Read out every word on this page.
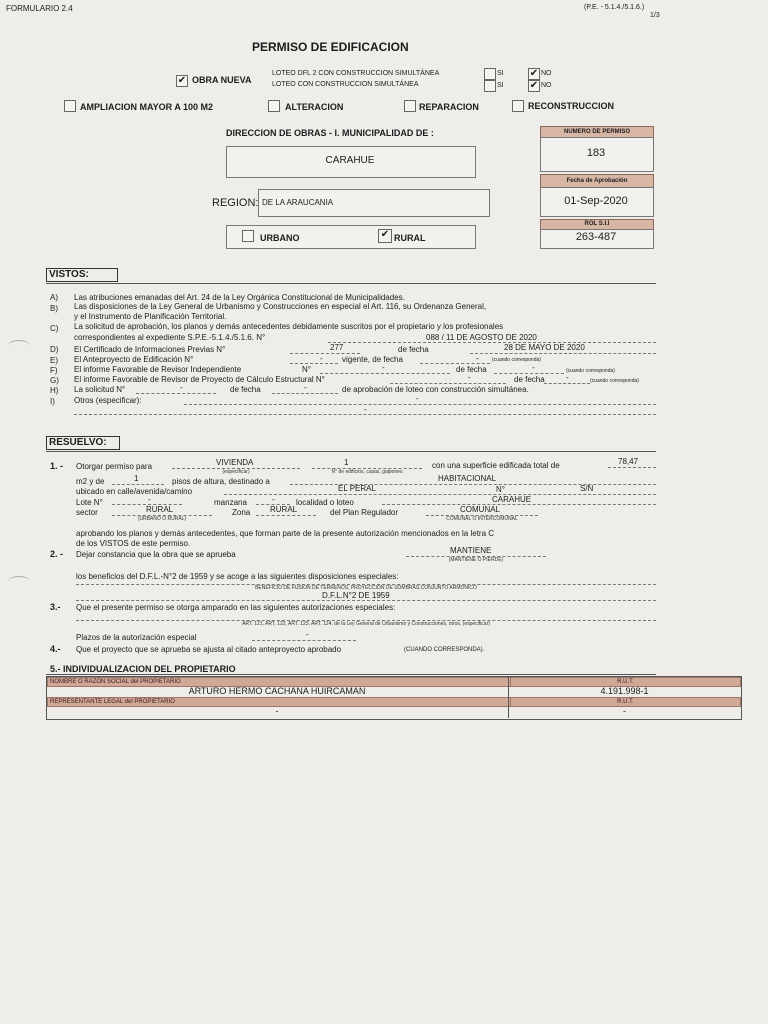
FORMULARIO 2.4	(P.E. - 5.1.4./5.1.6.)
1/3
PERMISO DE EDIFICACION
✔ OBRA NUEVA
LOTEO DFL 2 CON CONSTRUCCION SIMULTÁNEA
LOTEO CON CONSTRUCCION SIMULTÁNEA
SI	✔ NO
SI	✔ NO
AMPLIACION MAYOR A 100 M2	ALTERACION	REPARACION	RECONSTRUCCION
DIRECCION DE OBRAS - I. MUNICIPALIDAD DE :
CARAHUE
REGION: DE LA ARAUCANIA
URBANO	✔ RURAL
NUMERO DE PERMISO
183
Fecha de Aprobación
01-Sep-2020
ROL S.I.I
263-487
VISTOS:
A) Las atribuciones emanadas del Art. 24 de la Ley Orgánica Constitucional de Municipalidades.
B) Las disposiciones de la Ley General de Urbanismo y Construcciones en especial el Art. 116, su Ordenanza General,
y el Instrumento de Planificación Territorial.
C) La solicitud de aprobación, los planos y demás antecedentes debidamente suscritos por el propietario y los profesionales
correspondientes al expediente S.P.E.-5.1.4./5.1.6. N°	088 / 11 DE AGOSTO DE 2020
D) El Certificado de Informaciones Previas N°	277	de fecha	28 DE MAYO DE 2020
E) El Anteproyecto de Edificación N°	- vigente, de fecha	-	(cuando corresponda)
F) El informe Favorable de Revisor Independiente	N°	-	de fecha	-	(cuando corresponda)
G) El informe Favorable de Revisor de Proyecto de Cálculo Estructural N°	-	de fecha	-	(cuando corresponda)
H) La solicitud N°	-	de fecha	-	de aprobación de loteo con construcción simultánea.
I) Otros (especificar):	-
-
RESUELVO:
1. - Otorgar permiso para	VIVIENDA
(especificar)
1
N° de edificios, casas, galpones
con una superficie edificada total de	78,47
m2 y de	1	pisos de altura, destinado a	HABITACIONAL
ubicado en calle/avenida/camino	EL PERAL	N°	S/N
Lote N°	-	manzana	-	localidad o loteo	CARAHUE
sector	RURAL
(URBANO O RURAL)
Zona RURAL	del Plan Regulador	COMUNAL
COMUNAL O INTERCOMUNAL
aprobando los planos y demás antecedentes, que forman parte de la presente autorización mencionados en la letra C
de los VISTOS de este permiso.
2. - Dejar constancia que la obra que se aprueba	MANTIENE
(MANTIENE O PIERDE)
los beneficios del D.F.L.-N°2 de 1959 y se acoge a las siguientes disposiciones especiales:
BENEFICIO DE FUSION DE TERRENOS, PROYECCION DE SOMBRAS,CONJUNTO ARMONICO
D.F.L.N°2 DE 1959
3.- Que el presente permiso se otorga amparado en las siguientes autorizaciones especiales:
ART. 121, ART. 122, ART. 123, ART. 124, de la Ley General de Urbanismo y Construcciones, otros, (especificar)
Plazos de la autorización especial	-
4.- Que el proyecto que se aprueba se ajusta al citado anteproyecto aprobado	(CUANDO CORRESPONDA).
5.- INDIVIDUALIZACION DEL PROPIETARIO
NOMBRE O RAZÓN SOCIAL del PROPIETARIO	R.U.T.
ARTURO HERMO CACHANA HUIRCAMAN	4.191.998-1
REPRESENTANTE LEGAL del PROPIETARIO	R.U.T.
-	-
